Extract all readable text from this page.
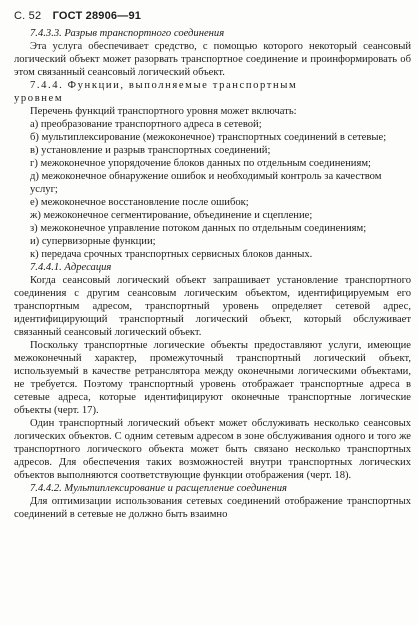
С. 52 ГОСТ 28906—91

7.4.3.3. Разрыв транспортного соединения

Эта услуга обеспечивает средство, с помощью которого некоторый сеансовый логический объект может разорвать транспортное соединение и проинформировать об этом связанный сеансовый логический объект.

7.4.4. Функции, выполняемые транспортным

уровнем

Перечень функций транспортного уровня может включать:

а) преобразование транспортного адреса в сетевой;

б) мультиплексирование (межоконечное) транспортных соединений в сетевые;

в) установление и разрыв транспортных соединений;

г) межоконечное упорядочение блоков данных по отдельным соединениям;

д) межоконечное обнаружение ошибок и необходимый контроль за качеством услуг;

е) межоконечное восстановление после ошибок;

ж) межоконечное сегментирование, объединение и сцепление;

з) межоконечное управление потоком данных по отдельным соединениям;

и) супервизорные функции;

к) передача срочных транспортных сервисных блоков данных.

7.4.4.1. Адресация

Когда сеансовый логический объект запрашивает установление транспортного соединения с другим сеансовым логическим объектом, идентифицируемым его транспортным адресом, транспортный уровень определяет сетевой адрес, идентифицирующий транспортный логический объект, который обслуживает связанный сеансовый логический объект.

Поскольку транспортные логические объекты предоставляют услуги, имеющие межоконечный характер, промежуточный транспортный логический объект, используемый в качестве ретранслятора между оконечными логическими объектами, не требуется. Поэтому транспортный уровень отображает транспортные адреса в сетевые адреса, которые идентифицируют оконечные транспортные логические объекты (черт. 17).

Один транспортный логический объект может обслуживать несколько сеансовых логических объектов. С одним сетевым адресом в зоне обслуживания одного и того же транспортного логического объекта может быть связано несколько транспортных адресов. Для обеспечения таких возможностей внутри транспортных логических объектов выполняются соответствующие функции отображения (черт. 18).

7.4.4.2. Мультиплексирование и расщепление соединения

Для оптимизации использования сетевых соединений отображение транспортных соединений в сетевые не должно быть взаимно
